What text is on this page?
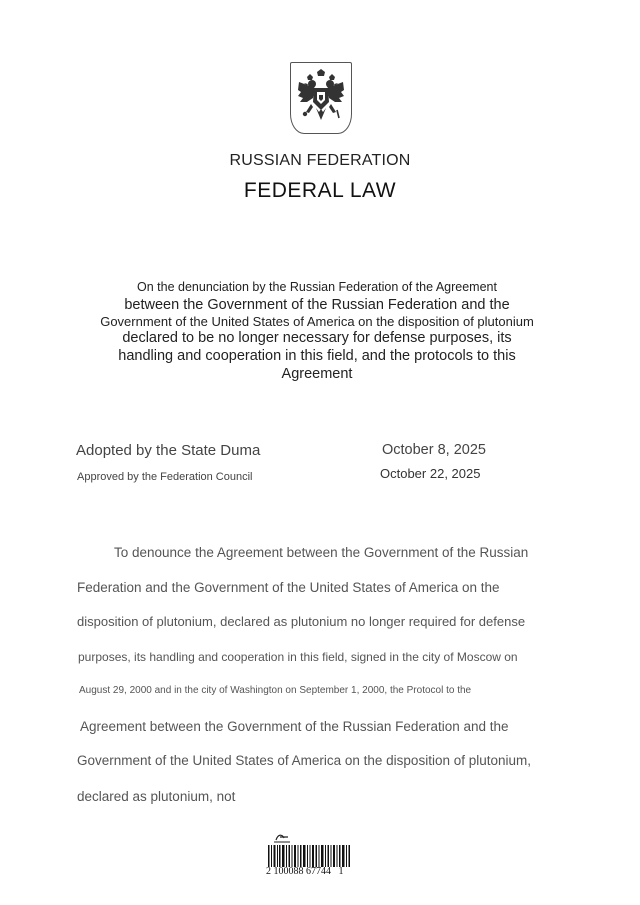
RUSSIAN FEDERATION
FEDERAL LAW
On the denunciation by the Russian Federation of the Agreement
between the Government of the Russian Federation and the
Government of the United States of America on the disposition of plutonium
declared to be no longer necessary for defense purposes, its
handling and cooperation in this field, and the protocols to this
Agreement
Adopted by the State Duma	October 8, 2025
Approved by the Federation Council	October 22, 2025
To denounce the Agreement between the Government of the Russian
Federation and the Government of the United States of America on the
disposition of plutonium, declared as plutonium no longer required for defense
purposes, its handling and cooperation in this field, signed in the city of Moscow on
August 29, 2000 and in the city of Washington on September 1, 2000, the Protocol to the
Agreement between the Government of the Russian Federation and the
Government of the United States of America on the disposition of plutonium,
declared as plutonium, not
2 100088 67744   1
